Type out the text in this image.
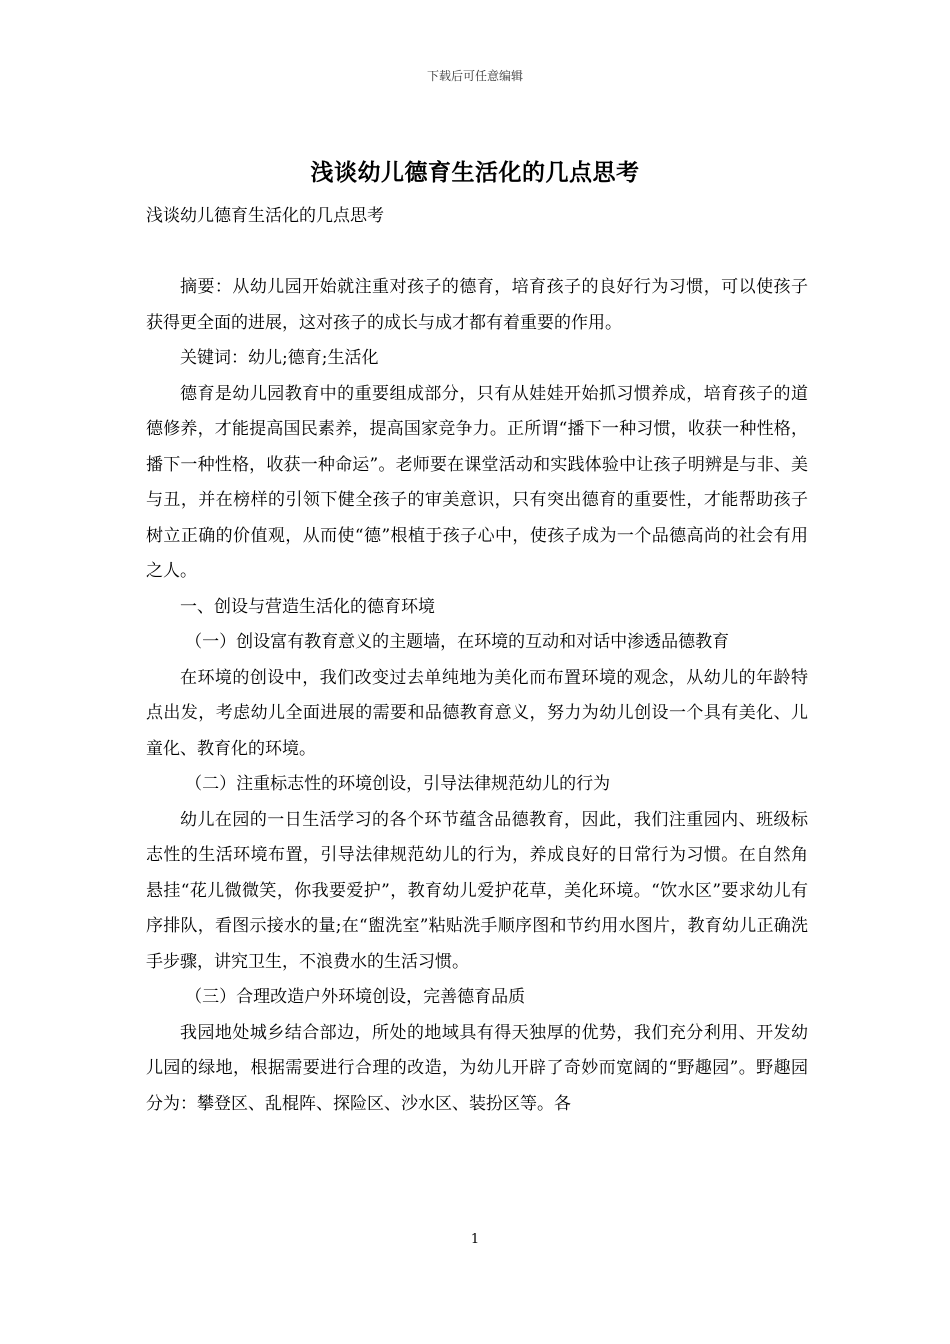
下载后可任意编辑
浅谈幼儿德育生活化的几点思考
浅谈幼儿德育生活化的几点思考

摘要：从幼儿园开始就注重对孩子的德育，培育孩子的良好行为习惯，可以使孩子获得更全面的进展，这对孩子的成长与成才都有着重要的作用。

关键词：幼儿;德育;生活化

德育是幼儿园教育中的重要组成部分，只有从娃娃开始抓习惯养成，培育孩子的道德修养，才能提高国民素养，提高国家竞争力。正所谓“播下一种习惯，收获一种性格，播下一种性格，收获一种命运”。老师要在课堂活动和实践体验中让孩子明辨是与非、美与丑，并在榜样的引领下健全孩子的审美意识，只有突出德育的重要性，才能帮助孩子树立正确的价值观，从而使“德”根植于孩子心中，使孩子成为一个品德高尚的社会有用之人。

一、创设与营造生活化的德育环境

（一）创设富有教育意义的主题墙，在环境的互动和对话中渗透品德教育

在环境的创设中，我们改变过去单纯地为美化而布置环境的观念，从幼儿的年龄特点出发，考虑幼儿全面进展的需要和品德教育意义，努力为幼儿创设一个具有美化、儿童化、教育化的环境。

（二）注重标志性的环境创设，引导法律规范幼儿的行为

幼儿在园的一日生活学习的各个环节蕴含品德教育，因此，我们注重园内、班级标志性的生活环境布置，引导法律规范幼儿的行为，养成良好的日常行为习惯。在自然角悬挂“花儿微微笑，你我要爱护”，教育幼儿爱护花草，美化环境。“饮水区”要求幼儿有序排队，看图示接水的量;在“盥洗室”粘贴洗手顺序图和节约用水图片，教育幼儿正确洗手步骤，讲究卫生，不浪费水的生活习惯。

（三）合理改造户外环境创设，完善德育品质

我园地处城乡结合部边，所处的地域具有得天独厚的优势，我们充分利用、开发幼儿园的绿地，根据需要进行合理的改造，为幼儿开辟了奇妙而宽阔的“野趣园”。野趣园分为：攀登区、乱棍阵、探险区、沙水区、装扮区等。各

1
